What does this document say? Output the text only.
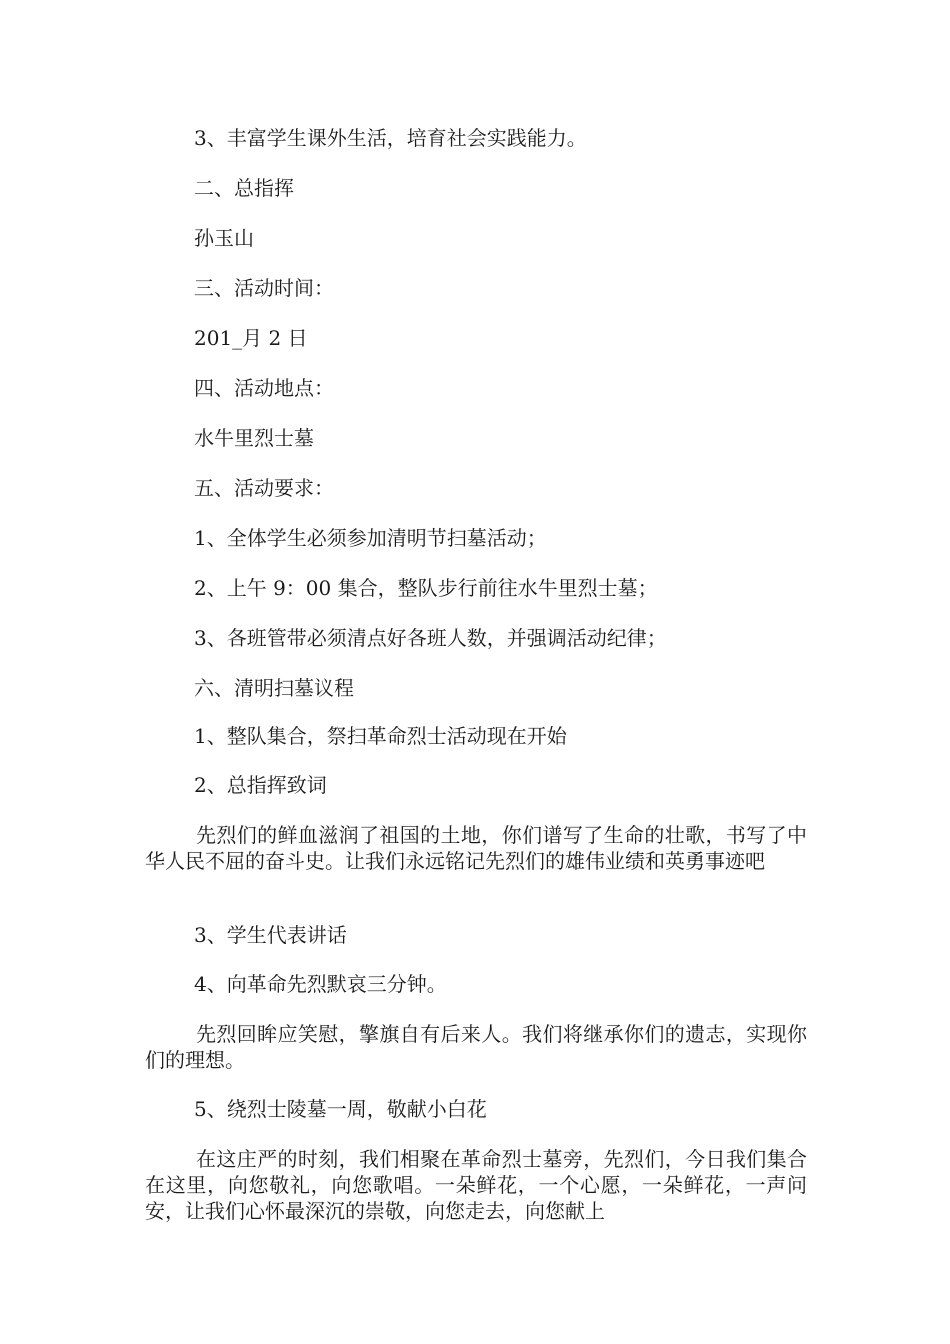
3、丰富学生课外生活，培育社会实践能力。

二、总指挥

孙玉山

三、活动时间：

201_月 2 日

四、活动地点：

水牛里烈士墓

五、活动要求：

1、全体学生必须参加清明节扫墓活动；

2、上午 9：00 集合，整队步行前往水牛里烈士墓；

3、各班管带必须清点好各班人数，并强调活动纪律；

六、清明扫墓议程

1、整队集合，祭扫革命烈士活动现在开始

2、总指挥致词

先烈们的鲜血滋润了祖国的土地，你们谱写了生命的壮歌，书写了中华人民不屈的奋斗史。让我们永远铭记先烈们的雄伟业绩和英勇事迹吧

3、学生代表讲话

4、向革命先烈默哀三分钟。

先烈回眸应笑慰，擎旗自有后来人。我们将继承你们的遗志，实现你们的理想。

5、绕烈士陵墓一周，敬献小白花

在这庄严的时刻，我们相聚在革命烈士墓旁，先烈们，今日我们集合在这里，向您敬礼，向您歌唱。一朵鲜花，一个心愿，一朵鲜花，一声问安，让我们心怀最深沉的崇敬，向您走去，向您献上
